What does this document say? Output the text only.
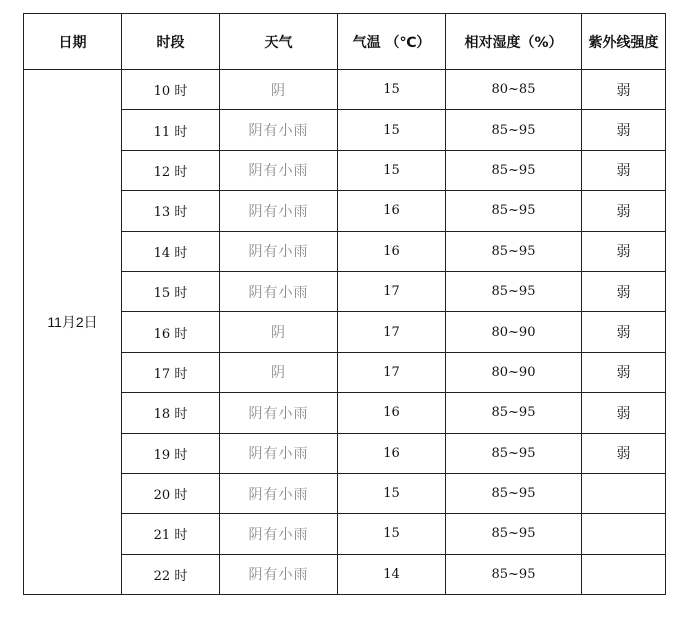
日期	时段	天气	气温 （℃）	相对湿度（%）	紫外线强度
11月2日	10 时	阴	15	80~85	弱
	11 时	阴有小雨	15	85~95	弱
	12 时	阴有小雨	15	85~95	弱
	13 时	阴有小雨	16	85~95	弱
	14 时	阴有小雨	16	85~95	弱
	15 时	阴有小雨	17	85~95	弱
	16 时	阴	17	80~90	弱
	17 时	阴	17	80~90	弱
	18 时	阴有小雨	16	85~95	弱
	19 时	阴有小雨	16	85~95	弱
	20 时	阴有小雨	15	85~95	
	21 时	阴有小雨	15	85~95	
	22 时	阴有小雨	14	85~95	
